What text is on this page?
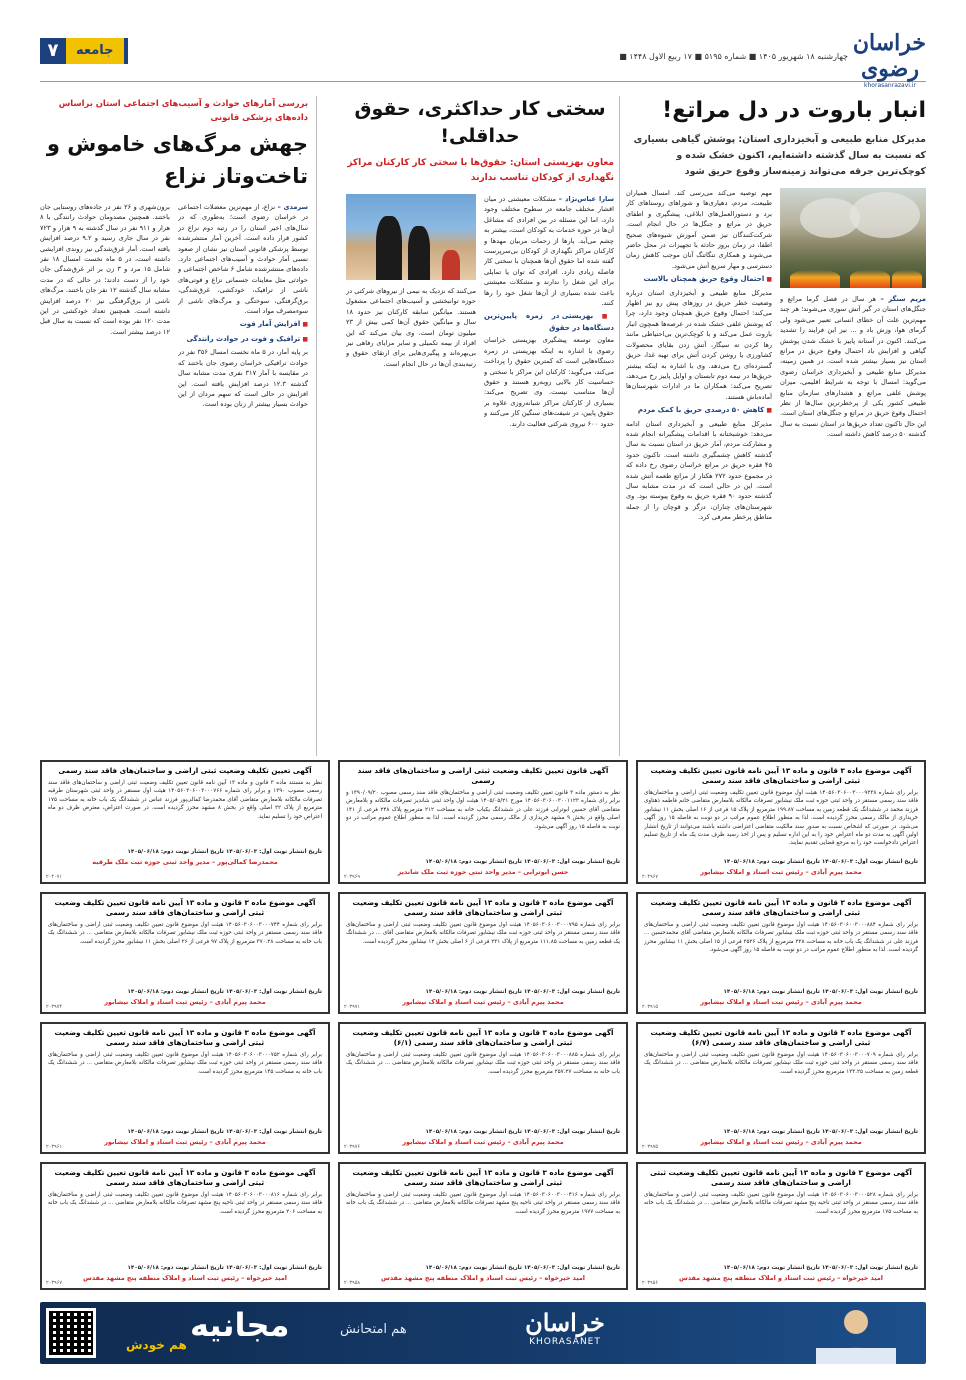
خراسان رضوی
khorasanrazavi.ir
چهارشنبه ۱۸ شهریور ۱۴۰۵ ■ شماره ۵۱۹۵ ■ ۱۷ ربیع الاول ۱۴۴۸ ■
۷	جامعه
انبار باروت در دل مراتع!
مدیرکل منابع طبیعی و آبخیزداری استان: پوشش گیاهی بسیاری که نسبت به سال گذشته داشته‌ایم، اکنون خشک شده و کوچک‌ترین جرقه می‌تواند زمینه‌ساز وقوع حریق شود

مریم سنگر – هر سال در فصل گرما مراتع و جنگل‌های استان در گیر آتش سوزی می‌شوند؛ هر چند مهم‌ترین علت آن خطای انسانی تعبیر می‌شود ولی گرمای هوا، وزش باد و ... نیز این فرایند را تشدید می‌کنند. اکنون در آستانه پاییز با خشک شدن پوشش گیاهی و افزایش باد احتمال وقوع حریق در مراتع استان نیز بسیار بیشتر شده است. در همین زمینه، مدیرکل منابع طبیعی و آبخیزداری خراسان رضوی می‌گوید: امسال با توجه به شرایط اقلیمی، میزان پوشش علفی مراتع و هشدارهای سازمان منابع طبیعی کشور یکی از پرخطرترین سال‌ها از نظر احتمال وقوع حریق در مراتع و جنگل‌های استان است. این حال تاکنون تعداد حریق‌ها در استان نسبت به سال گذشته ۵۰ درصد کاهش داشته است.

مهم توصیه می‌کند می‌رسی کند. امسال همیاران طبیعت، مردم، دهیاری‌ها و شوراهای روستاهای کار برد و دستورالعمل‌های ابلاغی، پیشگیری و اطفای حریق در مراتع و جنگل‌ها در حال انجام است. شرکت‌کنندگان نیز ضمن آموزش شیوه‌های صحیح اطفا، در زمان بروز حادثه با تجهیزات در محل حاضر می‌شوند و همکاری تنگاتنگ آنان موجب کاهش زمان دسترسی و مهار سریع آتش می‌شود.

■ احتمال وقوع حریق همچنان بالاست

مدیرکل منابع طبیعی و آبخیزداری استان درباره وضعیت خطر حریق در روزهای پیش رو نیز اظهار می‌کند: احتمال وقوع حریق همچنان وجود دارد، چرا که پوشش علفی خشک شده در عرصه‌ها همچون انبار باروت عمل می‌کند و با کوچک‌ترین بی‌احتیاطی مانند رها کردن ته سیگار، آتش زدن بقایای محصولات کشاورزی یا روشن کردن آتش برای تهیه غذا، حریق گسترده‌ای رخ می‌دهد. وی با اشاره به اینکه بیشتر حریق‌ها در نیمه دوم تابستان و اوایل پاییز رخ می‌دهد، تصریح می‌کند: همکاران ما در ادارات شهرستان‌ها آماده‌باش هستند.

■ کاهش ۵۰ درصدی حریق با کمک مردم

مدیرکل منابع طبیعی و آبخیزداری استان ادامه می‌دهد: خوشبختانه با اقدامات پیشگیرانه انجام شده و مشارکت مردم، آمار حریق در استان نسبت به سال گذشته کاهش چشمگیری داشته است. تاکنون حدود ۴۵ فقره حریق در مراتع خراسان رضوی رخ داده که در مجموع حدود ۲۷۲ هکتار از مراتع طعمه آتش شده است. این در حالی است که در مدت مشابه سال گذشته حدود ۹۰ فقره حریق به وقوع پیوسته بود. وی شهرستان‌های چناران، درگز و قوچان را از جمله مناطق پرخطر معرفی کرد.

سختی کار حداکثری، حقوق حداقلی!
معاون بهزیستی استان: حقوق‌ها با سختی کار کارکنان مراکز نگهداری از کودکان تناسب ندارند

سارا عباس‌نژاد – مشکلات معیشتی در میان اقشار مختلف جامعه در سطوح مختلف وجود دارد، اما این مسئله در بین افرادی که مشاغل آن‌ها در حوزه خدمات به کودکان است، بیشتر به چشم می‌آید. بارها از زحمات مربیان مهدها و کارکنان مراکز نگهداری از کودکان بی‌سرپرست گفته شده اما حقوق آن‌ها همچنان با سختی کار فاصله زیادی دارد. افرادی که توان یا تمایلی برای این شغل را ندارند و مشکلات معیشتی باعث شده بسیاری از آن‌ها شغل خود را رها کنند.

■ بهزیستی در زمره پایین‌ترین دستگاه‌ها در حقوق

معاون توسعه پیشگیری بهزیستی خراسان رضوی با اشاره به اینکه بهزیستی در زمره دستگاه‌هایی است که کمترین حقوق را پرداخت می‌کند، می‌گوید: کارکنان این مراکز با سختی و حساسیت کار بالایی روبه‌رو هستند و حقوق آن‌ها متناسب نیست. وی تصریح می‌کند: بسیاری از کارکنان مراکز شبانه‌روزی علاوه بر حقوق پایین، در شیفت‌های سنگین کار می‌کنند و حدود ۶۰۰ نیروی شرکتی فعالیت دارند.

می‌کنند که نزدیک به نیمی از نیروهای شرکتی در حوزه توانبخشی و آسیب‌های اجتماعی مشغول هستند. میانگین سابقه کارکنان نیز حدود ۱۸ سال و میانگین حقوق آن‌ها کمی بیش از ۲۳ میلیون تومان است. وی بیان می‌کند که این افراد از بیمه تکمیلی و سایر مزایای رفاهی نیز بی‌بهره‌اند و پیگیری‌هایی برای ارتقای حقوق و رتبه‌بندی آن‌ها در حال انجام است.

بررسی آمارهای حوادث و آسیب‌های اجتماعی استان براساس داده‌های پزشکی قانونی
جهش مرگ‌های خاموش و تاخت‌وتاز نزاع

سرمدی – نزاع، از مهم‌ترین معضلات اجتماعی در خراسان رضوی است؛ به‌طوری که در سال‌های اخیر استان را در رتبه دوم نزاع در کشور قرار داده است. آخرین آمار منتشرشده توسط پزشکی قانونی استان نیز نشان از صعود نسبی آمار حوادث و آسیب‌های اجتماعی دارد. داده‌های منتشرشده شامل ۶ شاخص اجتماعی و حوادثی مثل معاینات جسمانی نزاع و فوتی‌های ناشی از ترافیک، خودکشی، غرق‌شدگی، برق‌گرفتگی، سوختگی و مرگ‌های ناشی از سوءمصرف مواد است.

■ افزایش آمار فوت
■ ترافیک و فوت در حوادث رانندگی

بر پایه آمار، در ۵ ماه نخست امسال ۳۵۶ نفر در حوادث ترافیکی خراسان رضوی جان باختند که در مقایسه با آمار ۳۱۷ نفری مدت مشابه سال گذشته ۱۲.۳ درصد افزایش یافته است. این افزایش در حالی است که سهم مردان از این حوادث بسیار بیشتر از زنان بوده است.

برون‌شهری و ۲۶ نفر در جاده‌های روستایی جان باختند. همچنین مصدومان حوادث رانندگی با ۸ هزار و ۹۱۱ نفر در سال گذشته به ۹ هزار و ۷۲۳ نفر در سال جاری رسید و ۹.۲ درصد افزایش یافته است. آمار غرق‌شدگی نیز روندی افزایشی داشته است، در ۵ ماه نخست امسال ۱۸ نفر شامل ۱۵ مرد و ۳ زن بر اثر غرق‌شدگی جان خود را از دست دادند؛ در حالی که در مدت مشابه سال گذشته ۱۲ نفر جان باختند. مرگ‌های ناشی از برق‌گرفتگی نیز ۲۰ درصد افزایش داشته است. همچنین تعداد خودکشی در این مدت ۱۲۰ نفر بوده است که نسبت به سال قبل ۱۲ درصد بیشتر است.

آگهی موضوع ماده ۳ قانون و ماده ۱۳ آیین نامه قانون تعیین تکلیف وضعیت ثبتی اراضی و ساختمان‌های فاقد سند رسمی
برابر رای شماره ۱۴۰۵۶۰۳۰۶۰۰۳۰۰۰۹۲۳۸ هیئت اول موضوع قانون تعیین تکلیف وضعیت ثبتی اراضی و ساختمان‌های فاقد سند رسمی مستقر در واحد ثبتی حوزه ثبت ملک نیشابور تصرفات مالکانه بلامعارض متقاضی خانم فاطمه ذهتاوی فرزند محمد در ششدانگ یک قطعه زمین به مساحت ۱۹۹.۸۷ مترمربع از پلاک ۱۵ فرعی از ۱۶ اصلی بخش ۱۱ نیشابور خریداری از مالک رسمی محرز گردیده است. لذا به منظور اطلاع عموم مراتب در دو نوبت به فاصله ۱۵ روز آگهی می‌شود. در صورتی که اشخاص نسبت به صدور سند مالکیت متقاضی اعتراضی داشته باشند می‌توانند از تاریخ انتشار اولین آگهی به مدت دو ماه اعتراض خود را به این اداره تسلیم و پس از اخذ رسید ظرف مدت یک ماه از تاریخ تسلیم اعتراض دادخواست خود را به مرجع قضایی تقدیم نمایند.
تاریخ انتشار نوبت اول: ۱۴۰۵/۰۶/۰۳ تاریخ انتشار نوبت دوم: ۱۴۰۵/۰۶/۱۸
محمد پیرم آبادی – رئیس ثبت اسناد و املاک نیشابور
۲۰۴۹۶۷
آگهی قانون تعیین تکلیف وضعیت ثبتی اراضی و ساختمان‌های فاقد سند رسمی
نظر به دستور ماده ۳ قانون تعیین تکلیف وضعیت ثبتی اراضی و ساختمان‌های فاقد سند رسمی مصوب ۱۳۹۰/۰۹/۲۰ و برابر رای شماره ۱۴۰۵۶۰۳۰۶۰۰۳۰۰۱۱۲۳ مورخ ۱۴۰۵/۰۵/۲۱ هیئت اول واحد ثبتی شاندیز تصرفات مالکانه و بلامعارض متقاضی آقای حسین ابوترابی فرزند علی در ششدانگ یکباب خانه به مساحت ۲۱۲ مترمربع پلاک ۲۴۸ فرعی از ۱۴۱ اصلی واقع در بخش ۹ مشهد خریداری از مالک رسمی محرز گردیده است. لذا به منظور اطلاع عموم مراتب در دو نوبت به فاصله ۱۵ روز آگهی می‌شود.
تاریخ انتشار نوبت اول: ۱۴۰۵/۰۶/۰۳ تاریخ انتشار نوبت دوم: ۱۴۰۵/۰۶/۱۸
حسن ابوترابی – مدیر واحد ثبتی حوزه ثبت ملک شاندیز
۲۰۳۹۶۹
آگهی تعیین تکلیف وضعیت ثبتی اراضی و ساختمان‌های فاقد سند رسمی
نظر به مستند ماده ۳ قانون و ماده ۱۳ آیین نامه قانون تعیین تکلیف وضعیت ثبتی اراضی و ساختمان‌های فاقد سند رسمی مصوب ۱۳۹۰ و برابر رای شماره ۱۴۰۵۶۰۳۰۶۰۰۳۰۰۰۷۶۶ هیئت اول مستقر در واحد ثبتی شهرستان طرقبه تصرفات مالکانه بلامعارض متقاضی آقای محمدرضا کمالی‌پور فرزند عباس در ششدانگ یک باب خانه به مساحت ۱۷۵ مترمربع از پلاک ۲۲ اصلی واقع در بخش ۸ مشهد محرز گردیده است. در صورت اعتراض، معترض ظرف دو ماه اعتراض خود را تسلیم نماید.
تاریخ انتشار نوبت اول: ۱۴۰۵/۰۶/۰۳ تاریخ انتشار نوبت دوم: ۱۴۰۵/۰۶/۱۸
محمدرضا کمالی‌پور – مدیر واحد ثبتی حوزه ثبت ملک طرقبه
۲۰۴۰۷۱
آگهی موضوع ماده ۳ قانون و ماده ۱۳ آیین نامه قانون تعیین تکلیف وضعیت ثبتی اراضی و ساختمان‌های فاقد سند رسمی
برابر رای شماره ۱۴۰۵۶۰۳۰۶۰۰۳۰۰۰۸۸۴ هیئت اول موضوع قانون تعیین تکلیف وضعیت ثبتی اراضی و ساختمان‌های فاقد سند رسمی مستقر در واحد ثبتی حوزه ثبت ملک نیشابور تصرفات مالکانه بلامعارض متقاضی آقای محمدحسین ... فرزند علی در ششدانگ یک باب خانه به مساحت ۲۲۸ مترمربع از پلاک ۲۵۲۶ فرعی از ۱۵ اصلی بخش ۱۱ نیشابور محرز گردیده است. لذا به منظور اطلاع عموم مراتب در دو نوبت به فاصله ۱۵ روز آگهی می‌شود.
تاریخ انتشار نوبت اول: ۱۴۰۵/۰۶/۰۳ تاریخ انتشار نوبت دوم: ۱۴۰۵/۰۶/۱۸
محمد پیرم آبادی – رئیس ثبت اسناد و املاک نیشابور
۲۰۳۹۱۵
آگهی موضوع ماده ۳ قانون و ماده ۱۳ آیین نامه قانون تعیین تکلیف وضعیت ثبتی اراضی و ساختمان‌های فاقد سند رسمی
برابر رای شماره ۱۴۰۵۶۰۳۰۶۰۰۳۰۰۰۷۹۵ هیئت اول موضوع قانون تعیین تکلیف وضعیت ثبتی اراضی و ساختمان‌های فاقد سند رسمی مستقر در واحد ثبتی حوزه ثبت ملک نیشابور تصرفات مالکانه بلامعارض متقاضی آقای ... در ششدانگ یک قطعه زمین به مساحت ۱۱۱.۸۵ مترمربع از پلاک ۲۳۱ فرعی از ۶ اصلی بخش ۱۲ نیشابور محرز گردیده است.
تاریخ انتشار نوبت اول: ۱۴۰۵/۰۶/۰۳ تاریخ انتشار نوبت دوم: ۱۴۰۵/۰۶/۱۸
محمد پیرم آبادی – رئیس ثبت اسناد و املاک نیشابور
۲۰۳۹۷۱
آگهی موضوع ماده ۳ قانون و ماده ۱۳ آیین نامه قانون تعیین تکلیف وضعیت ثبتی اراضی و ساختمان‌های فاقد سند رسمی
برابر رای شماره ۱۴۰۵۶۰۳۰۶۰۰۳۰۰۰۷۴۴ هیئت اول موضوع قانون تعیین تکلیف وضعیت ثبتی اراضی و ساختمان‌های فاقد سند رسمی مستقر در واحد ثبتی حوزه ثبت ملک نیشابور تصرفات مالکانه بلامعارض متقاضی ... در ششدانگ یک باب خانه به مساحت ۳۷۰.۲۸ مترمربع از پلاک ۹۷ فرعی از ۲۶ اصلی بخش ۱۱ نیشابور محرز گردیده است.
تاریخ انتشار نوبت اول: ۱۴۰۵/۰۶/۰۳ تاریخ انتشار نوبت دوم: ۱۴۰۵/۰۶/۱۸
محمد پیرم آبادی – رئیس ثبت اسناد و املاک نیشابور
۲۰۳۹۷۴
آگهی موضوع ماده ۳ قانون و ماده ۱۳ آیین نامه قانون تعیین تکلیف وضعیت ثبتی اراضی و ساختمان‌های فاقد سند رسمی (۶/۷)
برابر رای شماره ۱۴۰۵۶۰۳۰۶۰۰۳۰۰۰۷۰۹ هیئت اول موضوع قانون تعیین تکلیف وضعیت ثبتی اراضی و ساختمان‌های فاقد سند رسمی مستقر در واحد ثبتی حوزه ثبت ملک نیشابور تصرفات مالکانه بلامعارض متقاضی ... در ششدانگ یک قطعه زمین به مساحت ۱۳۳.۲۵ مترمربع محرز گردیده است.
تاریخ انتشار نوبت اول: ۱۴۰۵/۰۶/۰۳ تاریخ انتشار نوبت دوم: ۱۴۰۵/۰۶/۱۸
محمد پیرم آبادی – رئیس ثبت اسناد و املاک نیشابور
۲۰۳۹۷۵
آگهی موضوع ماده ۳ قانون و ماده ۱۳ آیین نامه قانون تعیین تکلیف وضعیت ثبتی اراضی و ساختمان‌های فاقد سند رسمی (۶/۱)
برابر رای شماره ۱۴۰۵۶۰۳۰۶۰۰۳۰۰۰۸۸۵ هیئت اول موضوع قانون تعیین تکلیف وضعیت ثبتی اراضی و ساختمان‌های فاقد سند رسمی مستقر در واحد ثبتی حوزه ثبت ملک نیشابور تصرفات مالکانه بلامعارض متقاضی ... در ششدانگ یک باب خانه به مساحت ۲۵۷.۲۷ مترمربع محرز گردیده است.
تاریخ انتشار نوبت اول: ۱۴۰۵/۰۶/۰۳ تاریخ انتشار نوبت دوم: ۱۴۰۵/۰۶/۱۸
محمد پیرم آبادی – رئیس ثبت اسناد و املاک نیشابور
۲۰۳۹۷۶
آگهی موضوع ماده ۳ قانون و ماده ۱۳ آیین نامه قانون تعیین تکلیف وضعیت ثبتی اراضی و ساختمان‌های فاقد سند رسمی
برابر رای شماره ۱۴۰۵۶۰۳۰۶۰۰۳۰۰۰۷۵۲ هیئت اول موضوع قانون تعیین تکلیف وضعیت ثبتی اراضی و ساختمان‌های فاقد سند رسمی مستقر در واحد ثبتی حوزه ثبت ملک نیشابور تصرفات مالکانه بلامعارض متقاضی ... در ششدانگ یک باب خانه به مساحت ۱۴۵ مترمربع محرز گردیده است.
تاریخ انتشار نوبت اول: ۱۴۰۵/۰۶/۰۳ تاریخ انتشار نوبت دوم: ۱۴۰۵/۰۶/۱۸
محمد پیرم آبادی – رئیس ثبت اسناد و املاک نیشابور
۲۰۳۹۶۱
آگهی موضوع ۳ قانون و ماده ۱۳ آیین نامه قانون تعیین تکلیف وضعیت ثبتی اراضی و ساختمان‌های فاقد سند رسمی
برابر رای شماره ۱۴۰۵۶۰۳۰۶۰۰۳۰۰۰۵۲۸ هیئت اول موضوع قانون تعیین تکلیف وضعیت ثبتی اراضی و ساختمان‌های فاقد سند رسمی مستقر در واحد ثبتی ناحیه پنج مشهد تصرفات مالکانه بلامعارض متقاضی ... در ششدانگ یک باب خانه به مساحت ۱۷۵ مترمربع محرز گردیده است.
تاریخ انتشار نوبت اول: ۱۴۰۵/۰۶/۰۳ تاریخ انتشار نوبت دوم: ۱۴۰۵/۰۶/۱۸
امید خیرخواه – رئیس ثبت اسناد و املاک منطقه پنج مشهد مقدس
۲۰۳۹۵۶
آگهی موضوع ماده ۳ قانون و ماده ۱۳ آیین نامه قانون تعیین تکلیف وضعیت ثبتی اراضی و ساختمان‌های فاقد سند رسمی
برابر رای شماره ۱۴۰۵۶۰۳۰۶۰۰۳۰۰۰۴۱۶ هیئت اول موضوع قانون تعیین تکلیف وضعیت ثبتی اراضی و ساختمان‌های فاقد سند رسمی مستقر در واحد ثبتی ناحیه پنج مشهد تصرفات مالکانه بلامعارض متقاضی ... در ششدانگ یک باب خانه به مساحت ۱۹۷۷ مترمربع محرز گردیده است.
تاریخ انتشار نوبت اول: ۱۴۰۵/۰۶/۰۳ تاریخ انتشار نوبت دوم: ۱۴۰۵/۰۶/۱۸
امید خیرخواه – رئیس ثبت اسناد و املاک منطقه پنج مشهد مقدس
۲۰۳۹۵۸
آگهی موضوع ماده ۳ قانون و ماده ۱۳ آیین نامه قانون تعیین تکلیف وضعیت ثبتی اراضی و ساختمان‌های فاقد سند رسمی
برابر رای شماره ۱۴۰۵۶۰۳۰۶۰۰۳۰۰۰۸۱۶ هیئت اول موضوع قانون تعیین تکلیف وضعیت ثبتی اراضی و ساختمان‌های فاقد سند رسمی مستقر در واحد ثبتی ناحیه پنج مشهد تصرفات مالکانه بلامعارض متقاضی ... در ششدانگ یک باب خانه به مساحت ۲۰۶ مترمربع محرز گردیده است.
تاریخ انتشار نوبت اول: ۱۴۰۵/۰۶/۰۳ تاریخ انتشار نوبت دوم: ۱۴۰۵/۰۶/۱۸
امید خیرخواه – رئیس ثبت اسناد و املاک منطقه پنج مشهد مقدس
۲۰۳۹۶۷
هم خودش
مجانیه	هم امتحانش	خراسان
KHORASANET
